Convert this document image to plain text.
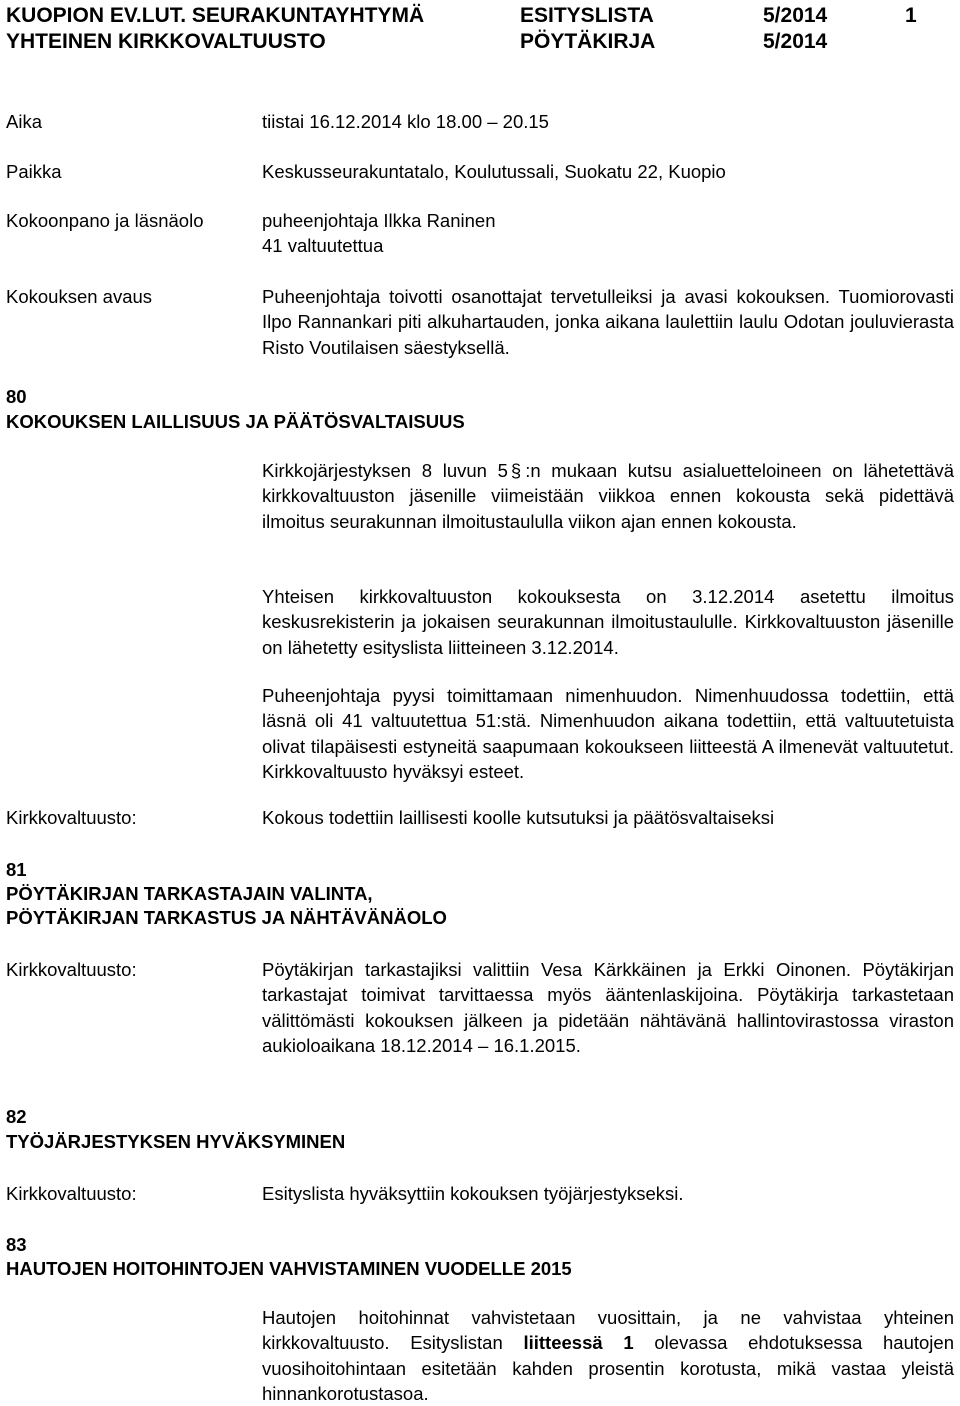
KUOPION EV.LUT. SEURAKUNTAYHTYMÄ	ESITYSLISTA	5/2014	1
YHTEINEN KIRKKOVALTUUSTO	PÖYTÄKIRJA	5/2014
Aika	tiistai 16.12.2014 klo 18.00 – 20.15
Paikka	Keskusseurakuntatalo, Koulutussali, Suokatu 22, Kuopio
Kokoonpano ja läsnäolo	puheenjohtaja Ilkka Raninen
41 valtuutettua
Kokouksen avaus	Puheenjohtaja toivotti osanottajat tervetulleiksi ja avasi kokouksen. Tuomiorovasti Ilpo Rannankari piti alkuhartauden, jonka aikana laulettiin laulu Odotan jouluvierasta Risto Voutilaisen säestyksellä.
80
KOKOUKSEN LAILLISUUS JA PÄÄTÖSVALTAISUUS
Kirkkojärjestyksen 8 luvun 5 § :n mukaan kutsu asialuetteloineen on lähetettävä kirkkovaltuuston jäsenille viimeistään viikkoa ennen kokousta sekä pidettävä ilmoitus seurakunnan ilmoitustaululla viikon ajan ennen kokousta.
Yhteisen kirkkovaltuuston kokouksesta on 3.12.2014 asetettu ilmoitus keskusrekisterin ja jokaisen seurakunnan ilmoitustaululle. Kirkkovaltuuston jäsenille on lähetetty esityslista liitteineen 3.12.2014.
Puheenjohtaja pyysi toimittamaan nimenhuudon. Nimenhuudossa todettiin, että läsnä oli 41 valtuutettua 51:stä. Nimenhuudon aikana todettiin, että valtuutetuista olivat tilapäisesti estyneitä saapumaan kokoukseen liitteestä A ilmenevät valtuutetut. Kirkkovaltuusto hyväksyi esteet.
Kirkkovaltuusto:	Kokous todettiin laillisesti koolle kutsutuksi ja päätösvaltaiseksi
81
PÖYTÄKIRJAN TARKASTAJAIN VALINTA,
PÖYTÄKIRJAN TARKASTUS JA NÄHTÄVÄNÄOLO
Kirkkovaltuusto:	Pöytäkirjan tarkastajiksi valittiin Vesa Kärkkäinen ja Erkki Oinonen. Pöytäkirjan tarkastajat toimivat tarvittaessa myös ääntenlaskijoina. Pöytäkirja tarkastetaan välittömästi kokouksen jälkeen ja pidetään nähtävänä hallintovirastossa viraston aukioloaikana 18.12.2014 – 16.1.2015.
82
TYÖJÄRJESTYKSEN HYVÄKSYMINEN
Kirkkovaltuusto:	Esityslista hyväksyttiin kokouksen työjärjestykseksi.
83
HAUTOJEN HOITOHINTOJEN VAHVISTAMINEN VUODELLE 2015
Hautojen hoitohinnat vahvistetaan vuosittain, ja ne vahvistaa yhteinen kirkkovaltuusto. Esityslistan liitteessä 1 olevassa ehdotuksessa hautojen vuosihoitohintaan esitetään kahden prosentin korotusta, mikä vastaa yleistä hinnankorotustasoa.
